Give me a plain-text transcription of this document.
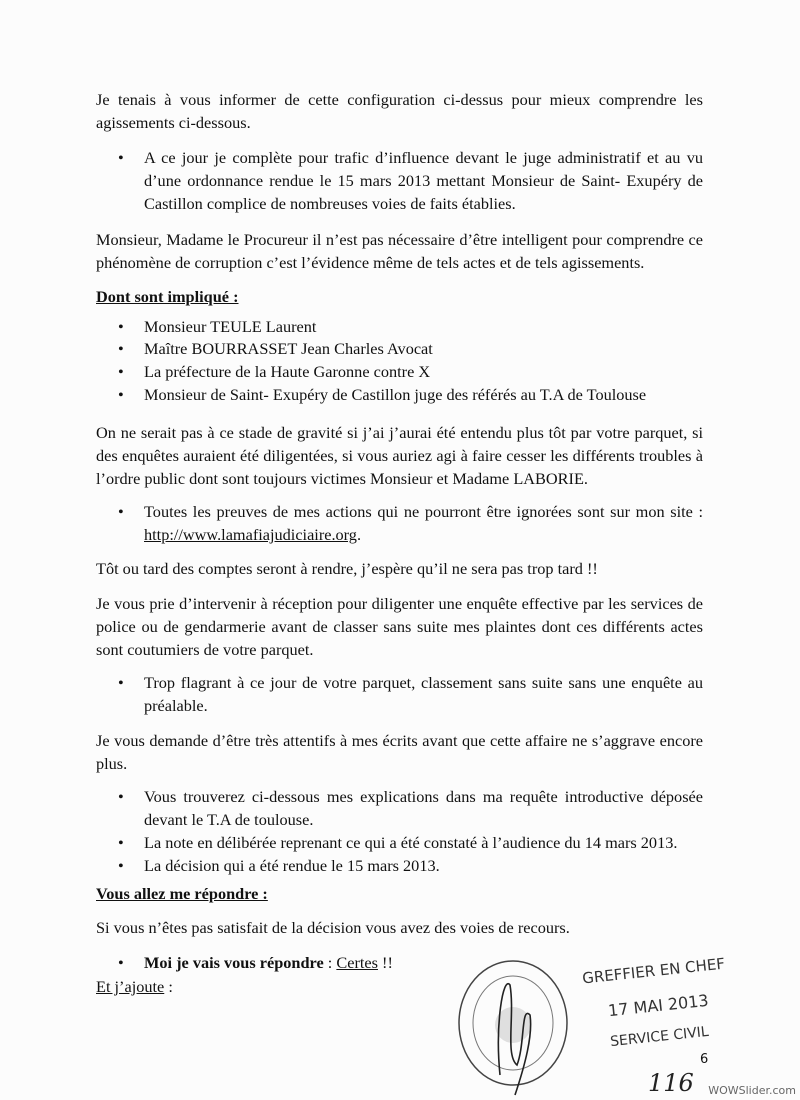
Je tenais à vous informer de cette configuration ci-dessus pour mieux comprendre les agissements ci-dessous.
• A ce jour je complète pour trafic d’influence devant le juge administratif et au vu d’une ordonnance rendue le 15 mars 2013 mettant Monsieur de Saint- Exupéry de Castillon complice de nombreuses voies de faits établies.
Monsieur, Madame le Procureur il n’est pas nécessaire d’être intelligent pour comprendre ce phénomène de corruption c’est l’évidence même de tels actes et de tels agissements.
Dont sont impliqué :
• Monsieur TEULE Laurent
• Maître BOURRASSET Jean Charles Avocat
• La préfecture de la Haute Garonne contre X
• Monsieur de Saint- Exupéry de Castillon juge des référés au T.A de Toulouse
On ne serait pas à ce stade de gravité si j’ai j’aurai été entendu plus tôt par votre parquet, si des enquêtes auraient été diligentées, si vous auriez agi à faire cesser les différents troubles à l’ordre public dont sont toujours victimes Monsieur et Madame LABORIE.
• Toutes les preuves de mes actions qui ne pourront être ignorées sont sur mon site : http://www.lamafiajudiciaire.org.
Tôt ou tard des comptes seront à rendre, j’espère qu’il ne sera pas trop tard !!
Je vous prie d’intervenir à réception pour diligenter une enquête effective par les services de police ou de gendarmerie avant de classer sans suite mes plaintes dont ces différents actes sont coutumiers de votre parquet.
• Trop flagrant à ce jour de votre parquet, classement sans suite sans une enquête au préalable.
Je vous demande d’être très attentifs à mes écrits avant que cette affaire ne s’aggrave encore plus.
• Vous trouverez ci-dessous mes explications dans ma requête introductive déposée devant le T.A de toulouse.
• La note en délibérée reprenant ce qui a été constaté à l’audience du 14 mars 2013.
• La décision qui a été rendue le 15 mars 2013.
Vous allez me répondre :
Si vous n’êtes pas satisfait de la décision vous avez des voies de recours.
• Moi je vais vous répondre : Certes !!
Et j’ajoute :	GREFFIER EN CHEF
17 MAI 2013
SERVICE CIVIL
6
116 WOWSlider.com
